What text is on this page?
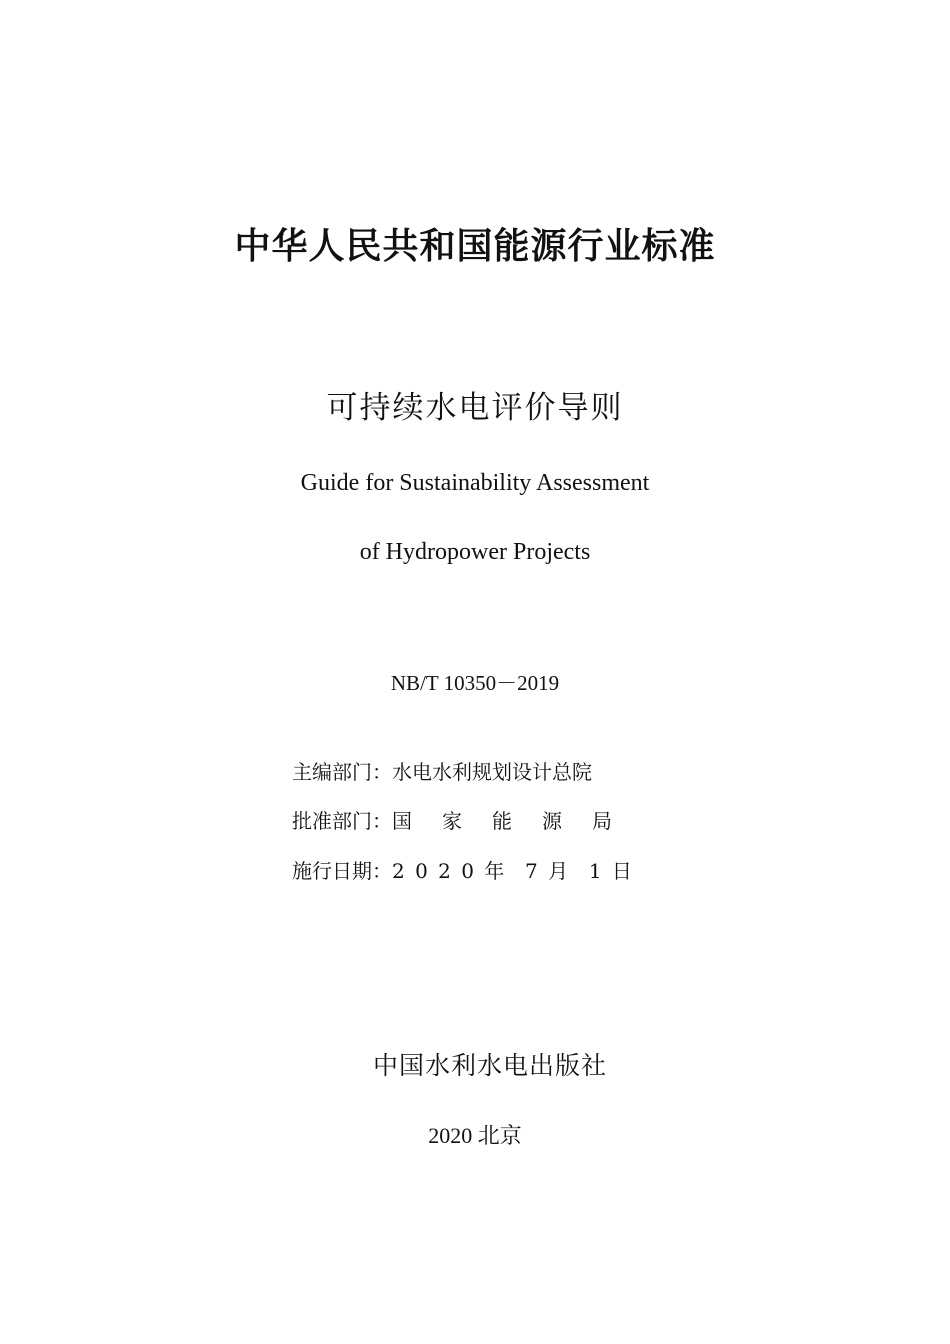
中华人民共和国能源行业标准
可持续水电评价导则
Guide for Sustainability Assessment
of Hydropower Projects
NB/T 10350－2019
主编部门： 水电水利规划设计总院
批准部门： 国家能源局
施行日期： 2 0 2 0 年  7 月  1 日
中国水利水电出版社
2020 北京
